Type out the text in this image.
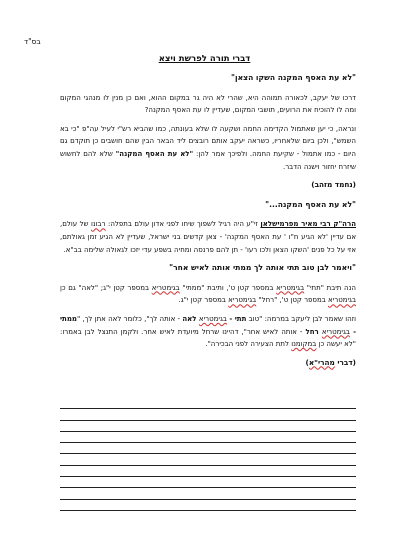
בס"ד
דברי תורה לפרשת ויצא
"לא עת האסף המקנה השקו הצאן"
דרכו של יעקב, לכאורה תמוהה היא, שהרי לא היה גר במקום ההוא, ואם כן מנין לו מנהגי המקום ומה לו להוכיח את הרועים, תושבי המקום, שעדיין לו עת האסף המקנה?
ונראה, כי יען שאתמול הקדימה החמה ושקעה לו שלא בעונתה, כמו שהביא רש"י לעיל עה"פ "כי בא השמש", ולכן ביום שלאחריו, כשראה יעקב אותם רובצים ליד הבאר הבין שהם חושבים כן תוקדם גם היום - כמו אתמול - שקיעת החמה. ולפיכך אמר להן: "לא עת האסף המקנה" שלא להם לחשוש שיזרח יחזור וישנה הדבר.
(נחמד מזהב)
"לא עת האסף המקנה..."
הרה"ק רבי מאיר מפרמישלאן זי"ע היה רגיל לשפוך שיחו לפני אדון עולם בתפלה: רבונו של עולם, אם עדיין 'לא הגיע ח"ו ' עת האסף המקנה' - צאן קדשים בני ישראל, שעדיין לא הגיע זמן גאולתם, אזי על כל פנים 'השקו הצאן ולכו רעו' - תן להם פרנסה ומחיה בשפע עדי יזכו לגאולה שלימה בב"א.
"ויאמר לבן טוב תתי אותה לך ממתי אותה לאיש אחר"
הנה תיבת "תתי" בגימטריא במספר קטן ט', ותיבת "ממתי" בגימטריא במספר קטן י"ג; "לאה" גם כן בגימטריא במספר קטן ט', "רחל" בגימטריא במספר קטן י"ג.
וזהו שאמר לבן ליעקב במרמה: "טוב תתי - בגימטריא לאה - אותה לך", כלומר לאה אתן לך, "ממתי - בגימטריא רחל - אותה לאיש אחר", דהיינו שרחל מיועדת לאיש אחר. ולקמן התנצל לבן באמרו: "לא יעשה כן במקומנו לתת הצעירה לפני הבכירה".
(דברי מהרי"א)
